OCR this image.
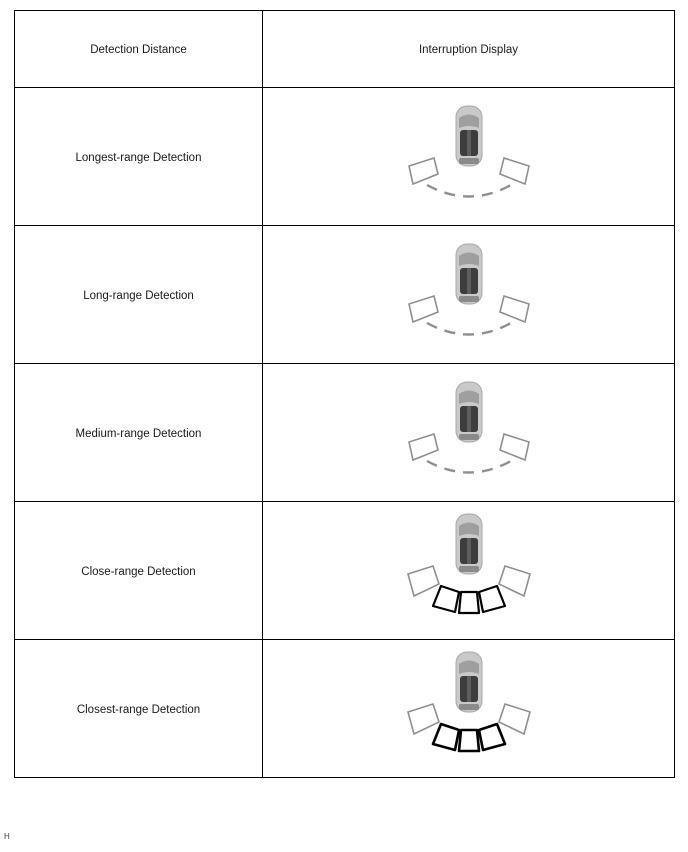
Detection Distance	Interruption Display
Longest-range Detection	

Long-range Detection	

Medium-range Detection	

Close-range Detection	

Closest-range Detection	
H
